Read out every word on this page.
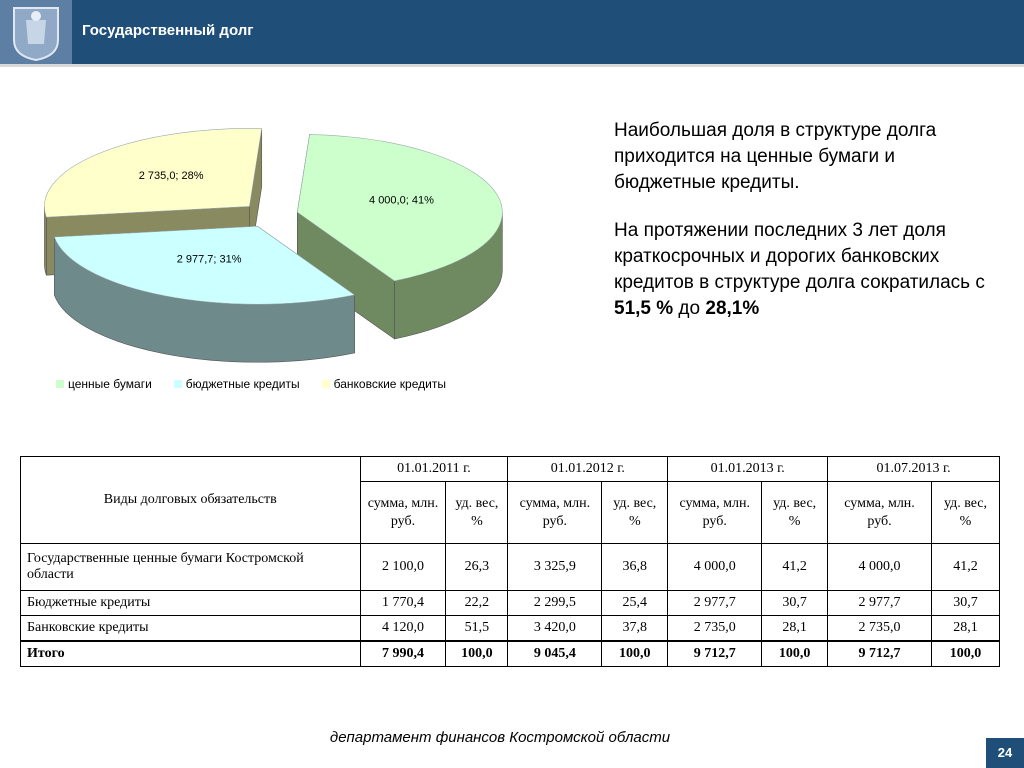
Государственный долг
2 735,0; 28%
4 000,0; 41%
2 977,7; 31%
ценные бумаги	бюджетные кредиты	банковские кредиты

Наибольшая доля в структуре долга приходится на ценные бумаги и бюджетные кредиты.

На протяжении последних 3 лет доля краткосрочных и дорогих банковских кредитов в структуре долга сократилась с 51,5 % до 28,1%

Виды долговых обязательств	01.01.2011 г.		01.01.2012 г.		01.01.2013 г.		01.07.2013 г.	
	сумма, млн. руб.	уд. вес, %	сумма, млн. руб.	уд. вес, %	сумма, млн. руб.	уд. вес, %	сумма, млн. руб.	уд. вес, %
Государственные ценные бумаги Костромской области	2 100,0	26,3	3 325,9	36,8	4 000,0	41,2	4 000,0	41,2
Бюджетные кредиты	1 770,4	22,2	2 299,5	25,4	2 977,7	30,7	2 977,7	30,7
Банковские кредиты	4 120,0	51,5	3 420,0	37,8	2 735,0	28,1	2 735,0	28,1
Итого	7 990,4	100,0	9 045,4	100,0	9 712,7	100,0	9 712,7	100,0
департамент финансов Костромской области
24
